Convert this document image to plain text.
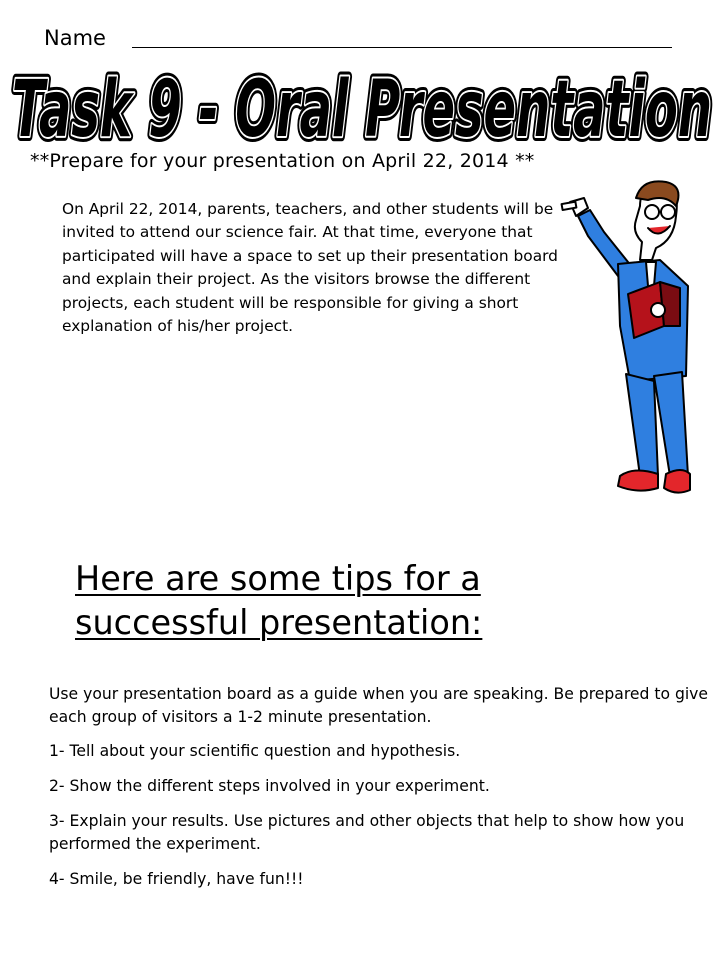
Name
Task 9 - Oral Presentation
Task 9 - Oral Presentation
Task 9 - Oral Presentation
**Prepare for your presentation on April 22, 2014 **
On April 22, 2014, parents, teachers, and other students will be invited to attend our science fair. At that time, everyone that participated will have a space to set up their presentation board and explain their project. As the visitors browse the different projects, each student will be responsible for giving a short explanation of his/her project.
Here are some tips for a
successful presentation:

Use your presentation board as a guide when you are speaking. Be prepared to give each group of visitors a 1-2 minute presentation.

1- Tell about your scientific question and hypothesis.

2- Show the different steps involved in your experiment.

3- Explain your results. Use pictures and other objects that help to show how you performed the experiment.

4- Smile, be friendly, have fun!!!
